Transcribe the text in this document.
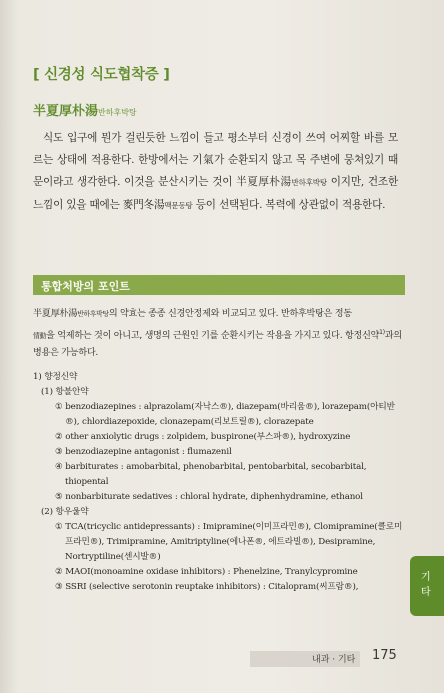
[ 신경성 식도협착증 ]
半夏厚朴湯반하후박탕
식도 입구에 뭔가 걸린듯한 느낌이 들고 평소부터 신경이 쓰여 어찌할 바를 모르는 상태에 적용한다. 한방에서는 기氣가 순환되지 않고 목 주변에 뭉쳐있기 때문이라고 생각한다. 이것을 분산시키는 것이 半夏厚朴湯반하후박탕 이지만, 건조한 느낌이 있을 때에는 麥門冬湯맥문동탕 등이 선택된다. 복력에 상관없이 적용한다.
통합처방의 포인트
半夏厚朴湯반하후박탕의 약효는 종종 신경안정제와 비교되고 있다. 반하후박탕은 정동
情動을 억제하는 것이 아니고, 생명의 근원인 기를 순환시키는 작용을 가지고 있다. 항정신약$^{1)}$과의 병용은 가능하다.
1) 향정신약
(1) 항불안약
① benzodiazepines : alprazolam(자낙스®), diazepam(바리움®), lorazepam(아티반®), chlordiazepoxide, clonazepam(리보트릴®), clorazepate
② other anxiolytic drugs : zolpidem, buspirone(부스파®), hydroxyzine
③ benzodiazepine antagonist : flumazenil
④ barbiturates : amobarbital, phenobarbital, pentobarbital, secobarbital, thiopental
⑤ nonbarbiturate sedatives : chloral hydrate, diphenhydramine, ethanol
(2) 항우울약
① TCA(tricyclic antidepressants) : Imipramine(이미프라민®), Clomipramine(클로미프라민®), Trimipramine, Amitriptyline(에나폰®, 에트라빌®), Desipramine, Nortryptiline(센시발®)
② MAOI(monoamine oxidase inhibitors) : Phenelzine, Tranylcypromine
③ SSRI (selective serotonin reuptake inhibitors) : Citalopram(씨프람®),
기타
내과 · 기타 175
